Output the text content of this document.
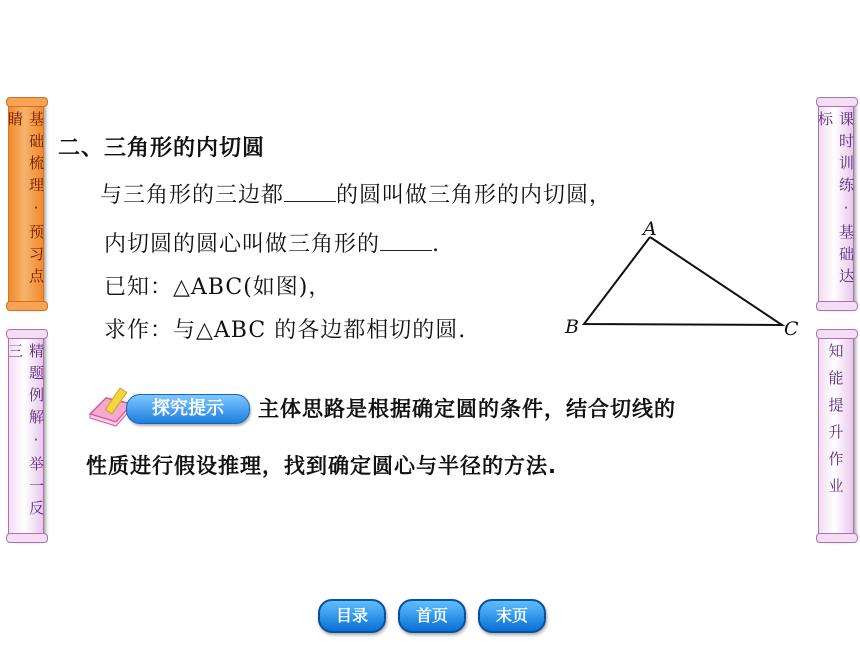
基础梳理·预习点睛
精题例解·举一反三
课时训练·基础达标
知能提升作业
二、三角形的内切圆
与三角形的三边都 的圆叫做三角形的内切圆，
内切圆的圆心叫做三角形的 .
已知：△ABC(如图)，
求作：与△ABC 的各边都相切的圆.
A
B	C
探究提示	主体思路是根据确定圆的条件，结合切线的
性质进行假设推理，找到确定圆心与半径的方法.
目录	首页	末页
